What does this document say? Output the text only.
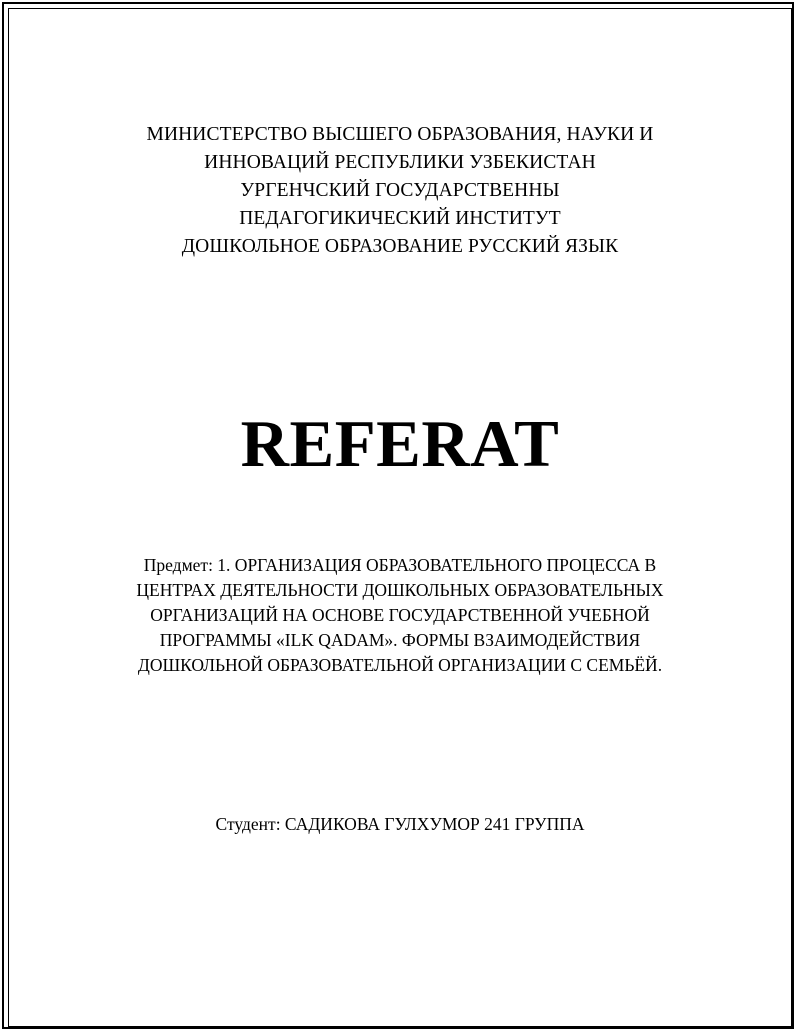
МИНИСТЕРСТВО ВЫСШЕГО ОБРАЗОВАНИЯ, НАУКИ И
ИННОВАЦИЙ РЕСПУБЛИКИ УЗБЕКИСТАН
УРГЕНЧСКИЙ ГОСУДАРСТВЕННЫ
ПЕДАГОГИКИЧЕСКИЙ ИНСТИТУТ
ДОШКОЛЬНОЕ ОБРАЗОВАНИЕ РУССКИЙ ЯЗЫК
REFERAT
Предмет: 1. ОРГАНИЗАЦИЯ ОБРАЗОВАТЕЛЬНОГО ПРОЦЕССА В
ЦЕНТРАХ ДЕЯТЕЛЬНОСТИ ДОШКОЛЬНЫХ ОБРАЗОВАТЕЛЬНЫХ
ОРГАНИЗАЦИЙ НА ОСНОВЕ ГОСУДАРСТВЕННОЙ УЧЕБНОЙ
ПРОГРАММЫ «ILK QADAM». ФОРМЫ ВЗАИМОДЕЙСТВИЯ
ДОШКОЛЬНОЙ ОБРАЗОВАТЕЛЬНОЙ ОРГАНИЗАЦИИ С СЕМЬЁЙ.
Студент: САДИКОВА ГУЛХУМОР 241 ГРУППА
